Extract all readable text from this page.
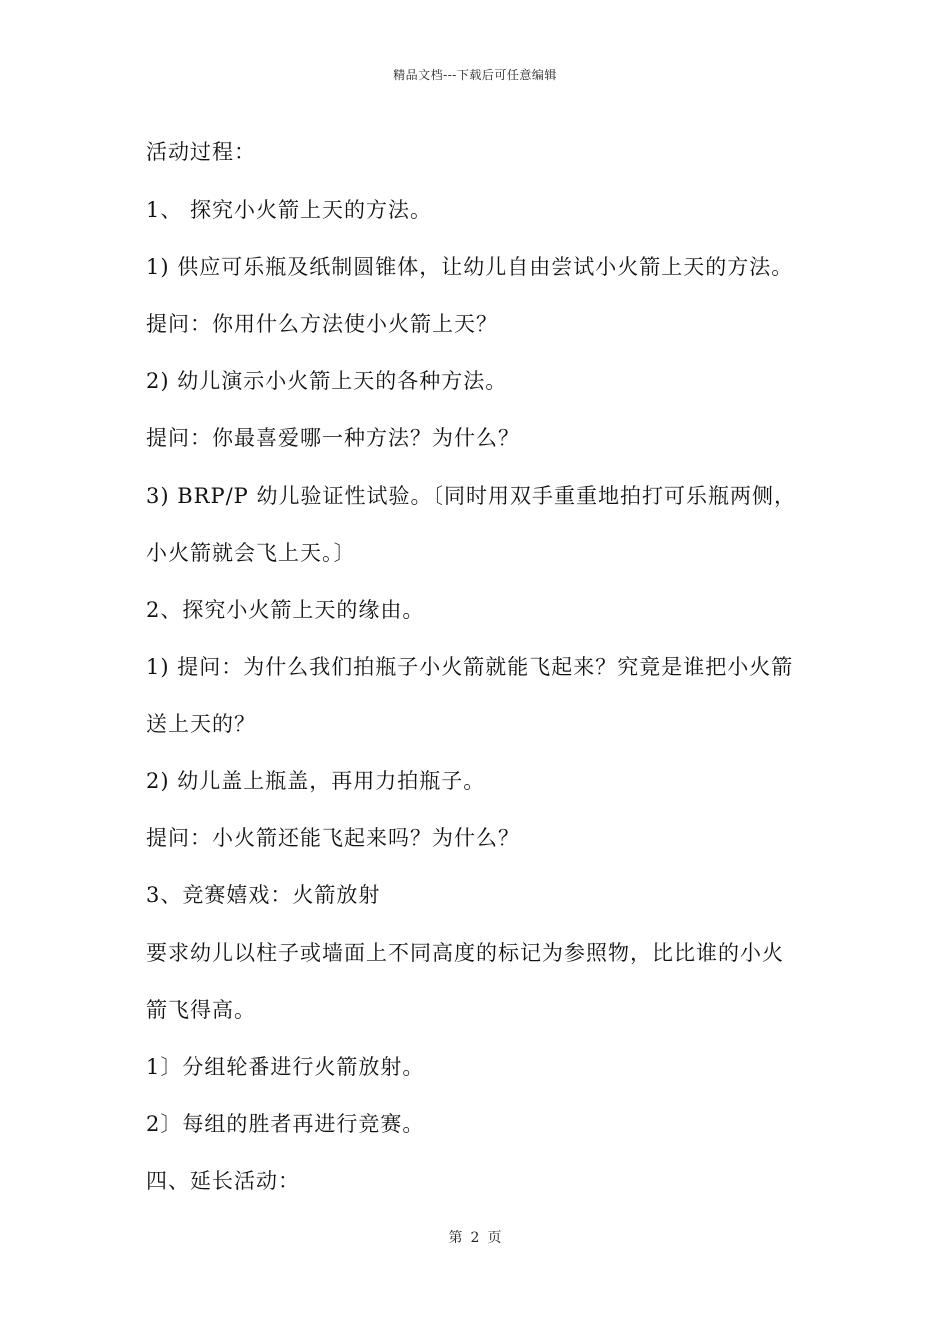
精品文档---下载后可任意编辑
活动过程：
1、 探究小火箭上天的方法。
1) 供应可乐瓶及纸制圆锥体，让幼儿自由尝试小火箭上天的方法。
提问：你用什么方法使小火箭上天？
2) 幼儿演示小火箭上天的各种方法。
提问：你最喜爱哪一种方法？为什么？
3) BRP/P 幼儿验证性试验。〔同时用双手重重地拍打可乐瓶两侧，
小火箭就会飞上天。〕
2、探究小火箭上天的缘由。
1) 提问：为什么我们拍瓶子小火箭就能飞起来？究竟是谁把小火箭
送上天的？
2) 幼儿盖上瓶盖，再用力拍瓶子。
提问：小火箭还能飞起来吗？为什么？
3、竞赛嬉戏：火箭放射
要求幼儿以柱子或墙面上不同高度的标记为参照物，比比谁的小火
箭飞得高。
1〕分组轮番进行火箭放射。
2〕每组的胜者再进行竞赛。
四、延长活动：
第 2 页
